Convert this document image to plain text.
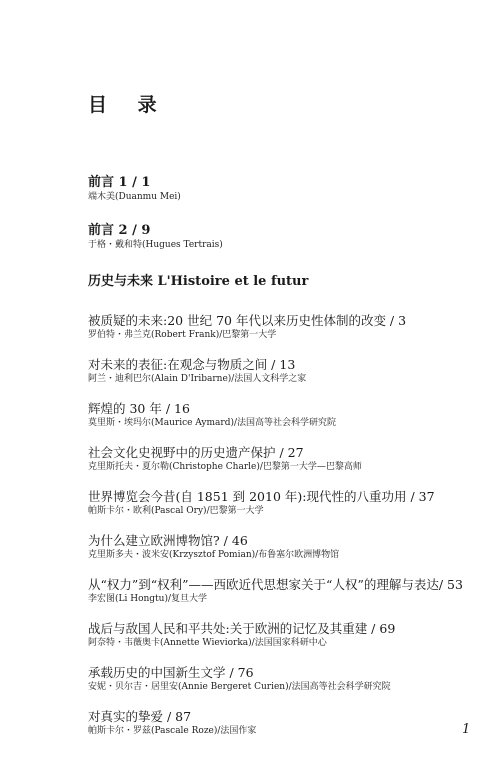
目 录
前言 1 / 1
端木美(Duanmu Mei)
前言 2 / 9
于格・戴和特(Hugues Tertrais)
历史与未来 L'Histoire et le futur
被质疑的未来:20 世纪 70 年代以来历史性体制的改变 / 3
罗伯特・弗兰克(Robert Frank)/巴黎第一大学
对未来的表征:在观念与物质之间 / 13
阿兰・迪利巴尔(Alain D'Iribarne)/法国人文科学之家
辉煌的 30 年 / 16
莫里斯・埃玛尔(Maurice Aymard)/法国高等社会科学研究院
社会文化史视野中的历史遗产保护 / 27
克里斯托夫・夏尔勒(Christophe Charle)/巴黎第一大学—巴黎高师
世界博览会今昔(自 1851 到 2010 年):现代性的八重功用 / 37
帕斯卡尔・欧利(Pascal Ory)/巴黎第一大学
为什么建立欧洲博物馆? / 46
克里斯多夫・波米安(Krzysztof Pomian)/布鲁塞尔欧洲博物馆
从“权力”到“权利”——西欧近代思想家关于“人权”的理解与表达/ 53
李宏图(Li Hongtu)/复旦大学
战后与敌国人民和平共处:关于欧洲的记忆及其重建 / 69
阿奈特・韦薇奥卡(Annette Wieviorka)/法国国家科研中心
承载历史的中国新生文学 / 76
安妮・贝尔吉・居里安(Annie Bergeret Curien)/法国高等社会科学研究院
对真实的挚爱 / 87
帕斯卡尔・罗兹(Pascale Roze)/法国作家	1
